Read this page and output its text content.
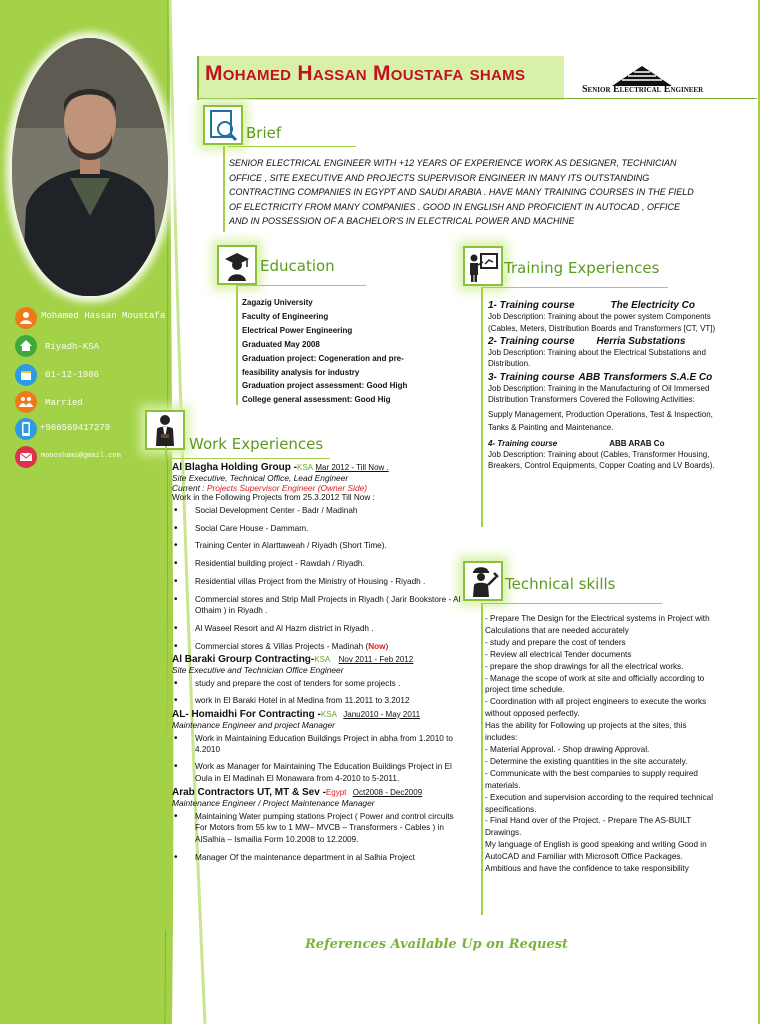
Mohamed Hassan Moustafa
Riyadh-KSA
01-12-1986
Married
+966569417279
moooshams@gmail.com
Mohamed Hassan Moustafa shams
Senior Electrical Engineer
Brief
SENIOR ELECTRICAL ENGINEER WITH +12 YEARS OF EXPERIENCE WORK AS DESIGNER, TECHNICIAN OFFICE , SITE EXECUTIVE AND PROJECTS SUPERVISOR ENGINEER IN MANY ITS OUTSTANDING CONTRACTING COMPANIES IN EGYPT AND SAUDI ARABIA . HAVE MANY TRAINING COURSES IN THE FIELD OF ELECTRICITY FROM MANY COMPANIES . GOOD IN ENGLISH AND PROFICIENT IN AUTOCAD , OFFICE AND IN POSSESSION OF A BACHELOR'S IN ELECTRICAL POWER AND MACHINE
Education
Zagazig University
Faculty of Engineering
Electrical Power Engineering
Graduated May 2008
Graduation project: Cogeneration and pre-
feasibility analysis for industry
Graduation project assessment: Good High
College general assessment: Good Hig
Training Experiences
1- Training course	The Electricity Co
Job Description: Training about the power system Components (Cables, Meters, Distribution Boards and Transformers [CT, VT])
2- Training course Herria Substations
Job Description: Training about the Electrical Substations and Distribution.
3- Training course ABB Transformers S.A.E Co
Job Description: Training in the Manufacturing of Oil Immersed Distribution Transformers Covered the Following Activities:
Supply Management, Production Operations, Test & Inspection, Tanks & Painting and Maintenance.
4- Training course	ABB ARAB Co
Job Description: Training about (Cables, Transformer Housing, Breakers, Control Equipments, Copper Coating and LV Boards).
Technical skills
- Prepare The Design for the Electrical systems in Project with Calculations that are needed accurately
- study and prepare the cost of tenders
- Review all electrical Tender documents
- prepare the shop drawings for all the electrical works.
- Manage the scope of work at site and officially according to project time schedule.
- Coordination with all project engineers to execute the works without opposed perfectly.
Has the ability for Following up projects at the sites, this includes:
- Material Approval. - Shop drawing Approval.
- Determine the existing quantities in the site accurately.
- Communicate with the best companies to supply required materials.
- Execution and supervision according to the required technical specifications.
- Final Hand over of the Project. - Prepare The AS-BUILT Drawings.
My language of English is good speaking and writing Good in AutoCAD and Familiar with Microsoft Office Packages.
Ambitious and have the confidence to take responsibility
Work Experiences
Al Blagha Holding Group -KSA Mar 2012 - Till Now .
Site Executive, Technical Office, Lead Engineer
Current : Projects Supervisor Engineer (Owner Side)
Work in the Following Projects from 25.3.2012 Till Now :
• Social Development Center - Badr / Madinah
• Social Care House - Dammam.
• Training Center in Alarttaweah / Riyadh (Short Time).
• Residential building project - Rawdah / Riyadh.
• Residential villas Project from the Ministry of Housing - Riyadh .
• Commercial stores and Strip Mall Projects in Riyadh ( Jarir Bookstore - Al Othaim ) in Riyadh .
• Al Waseel Resort and Al Hazm district in Riyadh .
• Commercial stores & Villas Projects - Madinah (Now)
Al Baraki Grourp Contracting-KSA Nov 2011 - Feb 2012
Site Executive and Technician Office Engineer
• study and prepare the cost of tenders for some projects .
• work in El Baraki Hotel in al Medina from 11.2011 to 3.2012
AL- Homaidhi For Contracting -KSA Janu2010 - May 2011
Maintenance Engineer and project Manager
• Work in Maintaining Education Buildings Project in abha from 1.2010 to 4.2010
• Work as Manager for Maintaining The Education Buildings Project in El Oula in El Madinah El Monawara from 4-2010 to 5-2011.
Arab Contractors UT, MT & Sev -Egypt Oct2008 - Dec2009
Maintenance Engineer / Project Maintenance Manager
• Maintaining Water pumping stations Project ( Power and control circuits For Motors from 55 kw to 1 MW– MVCB – Transformers - Cables ) in AlSalhia – Ismailia Form 10.2008 to 12.2009.
• Manager Of the maintenance department in al Salhia Project
References Available Up on Request
